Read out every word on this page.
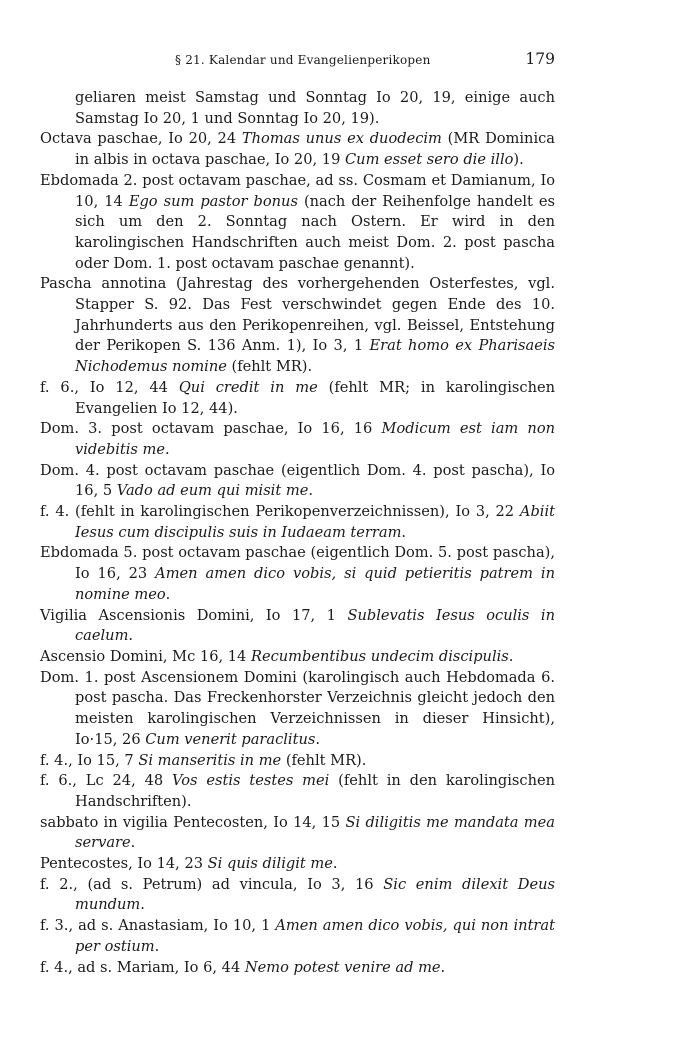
§ 21. Kalendar und Evangelienperikopen	179

geliaren meist Samstag und Sonntag Io 20, 19, einige auch Samstag Io 20, 1 und Sonntag Io 20, 19).

Octava paschae, Io 20, 24 Thomas unus ex duodecim (MR Dominica in albis in octava paschae, Io 20, 19 Cum esset sero die illo).

Ebdomada 2. post octavam paschae, ad ss. Cosmam et Damianum, Io 10, 14 Ego sum pastor bonus (nach der Reihenfolge handelt es sich um den 2. Sonntag nach Ostern. Er wird in den karolingischen Handschriften auch meist Dom. 2. post pascha oder Dom. 1. post octavam paschae genannt).

Pascha annotina (Jahrestag des vorhergehenden Osterfestes, vgl. Stapper S. 92. Das Fest verschwindet gegen Ende des 10. Jahrhunderts aus den Perikopenreihen, vgl. Beissel, Entstehung der Perikopen S. 136 Anm. 1), Io 3, 1 Erat homo ex Pharisaeis Nichodemus nomine (fehlt MR).

f. 6., Io 12, 44 Qui credit in me (fehlt MR; in karolingischen Evangelien Io 12, 44).

Dom. 3. post octavam paschae, Io 16, 16 Modicum est iam non videbitis me.

Dom. 4. post octavam paschae (eigentlich Dom. 4. post pascha), Io 16, 5 Vado ad eum qui misit me.

f. 4. (fehlt in karolingischen Perikopenverzeichnissen), Io 3, 22 Abiit Iesus cum discipulis suis in Iudaeam terram.

Ebdomada 5. post octavam paschae (eigentlich Dom. 5. post pascha), Io 16, 23 Amen amen dico vobis, si quid petieritis patrem in nomine meo.

Vigilia Ascensionis Domini, Io 17, 1 Sublevatis Iesus oculis in caelum.

Ascensio Domini, Mc 16, 14 Recumbentibus undecim discipulis.

Dom. 1. post Ascensionem Domini (karolingisch auch Hebdomada 6. post pascha. Das Freckenhorster Verzeichnis gleicht jedoch den meisten karolingischen Verzeichnissen in dieser Hinsicht), Io·15, 26 Cum venerit paraclitus.

f. 4., Io 15, 7 Si manseritis in me (fehlt MR).

f. 6., Lc 24, 48 Vos estis testes mei (fehlt in den karolingischen Handschriften).

sabbato in vigilia Pentecosten, Io 14, 15 Si diligitis me mandata mea servare.

Pentecostes, Io 14, 23 Si quis diligit me.

f. 2., (ad s. Petrum) ad vincula, Io 3, 16 Sic enim dilexit Deus mundum.

f. 3., ad s. Anastasiam, Io 10, 1 Amen amen dico vobis, qui non intrat per ostium.

f. 4., ad s. Mariam, Io 6, 44 Nemo potest venire ad me.
